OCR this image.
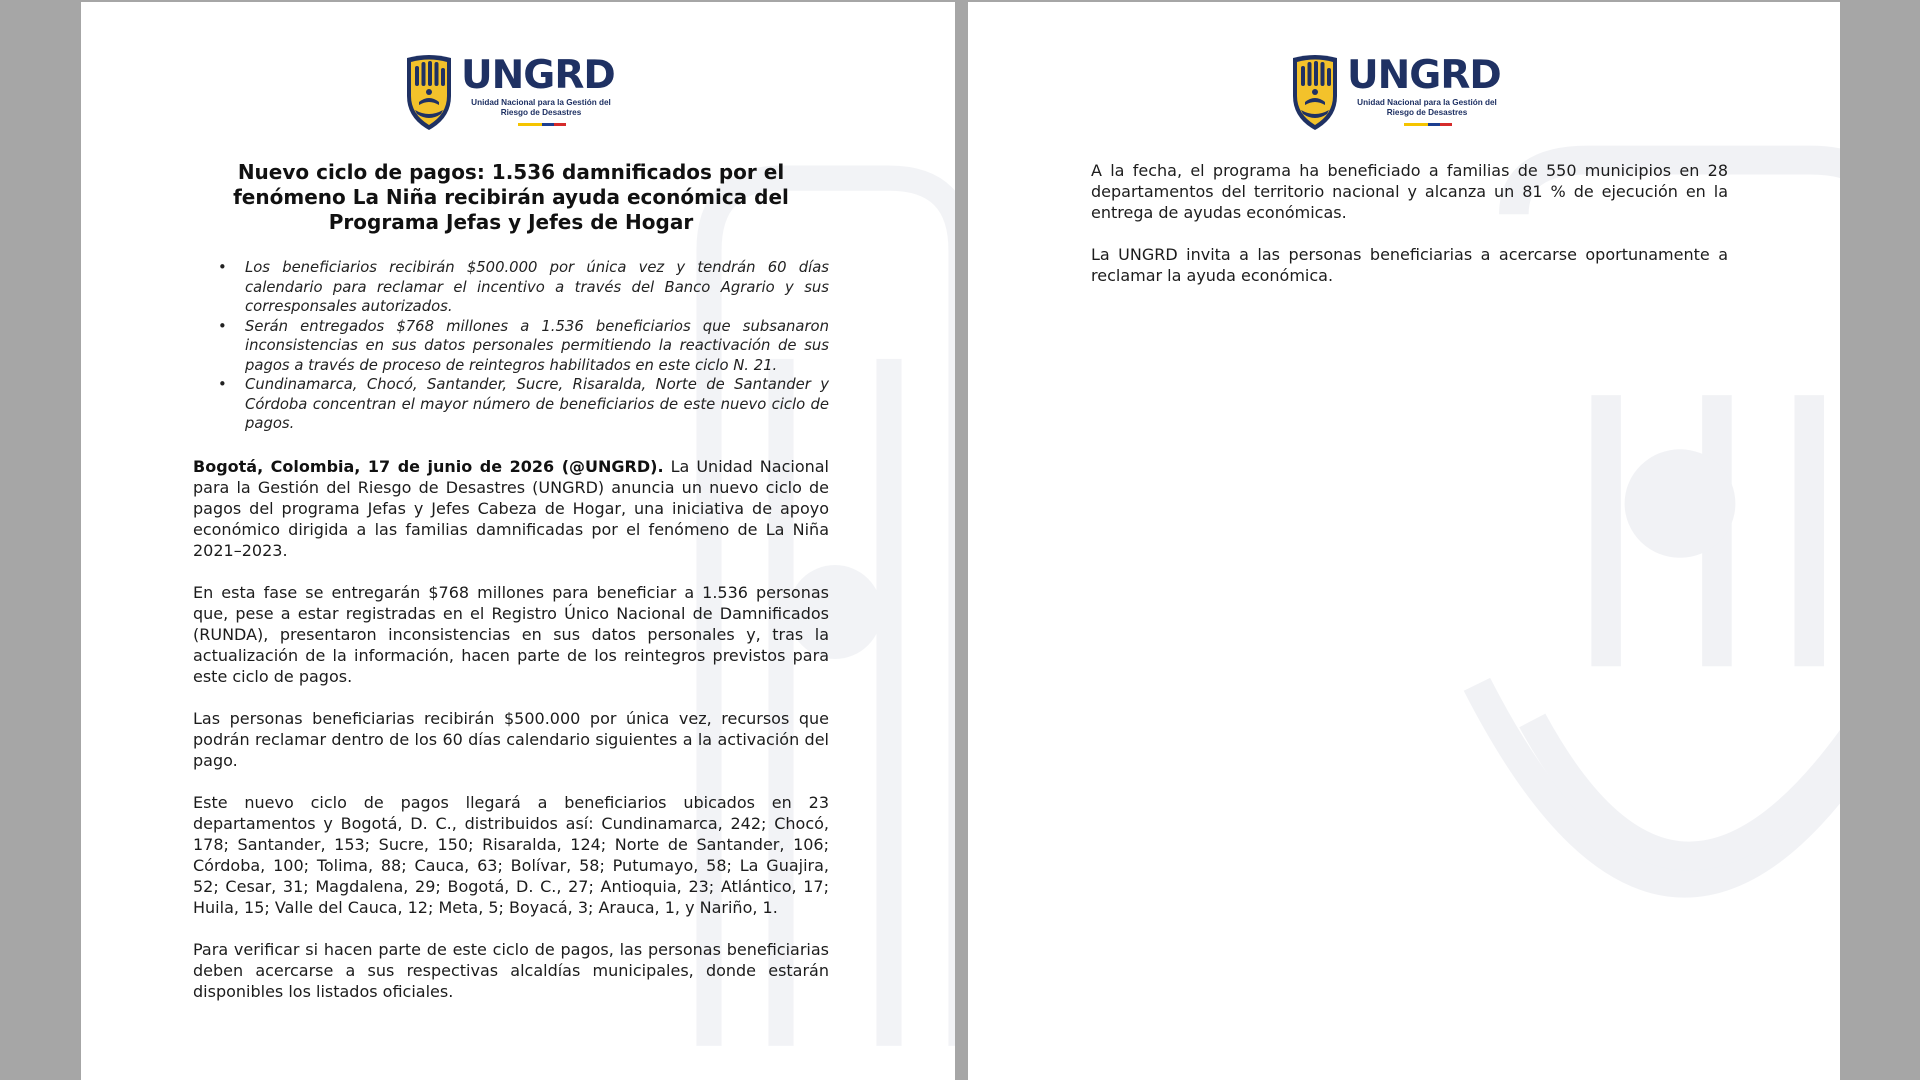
UNGRD
Unidad Nacional para la Gestión del Riesgo de Desastres
Nuevo ciclo de pagos: 1.536 damnificados por el fenómeno La Niña recibirán ayuda económica del Programa Jefas y Jefes de Hogar
• Los beneficiarios recibirán $500.000 por única vez y tendrán 60 días calendario para reclamar el incentivo a través del Banco Agrario y sus corresponsales autorizados.
• Serán entregados $768 millones a 1.536 beneficiarios que subsanaron inconsistencias en sus datos personales permitiendo la reactivación de sus pagos a través de proceso de reintegros habilitados en este ciclo N. 21.
• Cundinamarca, Chocó, Santander, Sucre, Risaralda, Norte de Santander y Córdoba concentran el mayor número de beneficiarios de este nuevo ciclo de pagos.

Bogotá, Colombia, 17 de junio de 2026 (@UNGRD). La Unidad Nacional para la Gestión del Riesgo de Desastres (UNGRD) anuncia un nuevo ciclo de pagos del programa Jefas y Jefes Cabeza de Hogar, una iniciativa de apoyo económico dirigida a las familias damnificadas por el fenómeno de La Niña 2021–2023.

En esta fase se entregarán $768 millones para beneficiar a 1.536 personas que, pese a estar registradas en el Registro Único Nacional de Damnificados (RUNDA), presentaron inconsistencias en sus datos personales y, tras la actualización de la información, hacen parte de los reintegros previstos para este ciclo de pagos.

Las personas beneficiarias recibirán $500.000 por única vez, recursos que podrán reclamar dentro de los 60 días calendario siguientes a la activación del pago.

Este nuevo ciclo de pagos llegará a beneficiarios ubicados en 23 departamentos y Bogotá, D. C., distribuidos así: Cundinamarca, 242; Chocó, 178; Santander, 153; Sucre, 150; Risaralda, 124; Norte de Santander, 106; Córdoba, 100; Tolima, 88; Cauca, 63; Bolívar, 58; Putumayo, 58; La Guajira, 52; Cesar, 31; Magdalena, 29; Bogotá, D. C., 27; Antioquia, 23; Atlántico, 17; Huila, 15; Valle del Cauca, 12; Meta, 5; Boyacá, 3; Arauca, 1, y Nariño, 1.

Para verificar si hacen parte de este ciclo de pagos, las personas beneficiarias deben acercarse a sus respectivas alcaldías municipales, donde estarán disponibles los listados oficiales.

UNGRD
Unidad Nacional para la Gestión del Riesgo de Desastres

A la fecha, el programa ha beneficiado a familias de 550 municipios en 28 departamentos del territorio nacional y alcanza un 81 % de ejecución en la entrega de ayudas económicas.

La UNGRD invita a las personas beneficiarias a acercarse oportunamente a reclamar la ayuda económica.
